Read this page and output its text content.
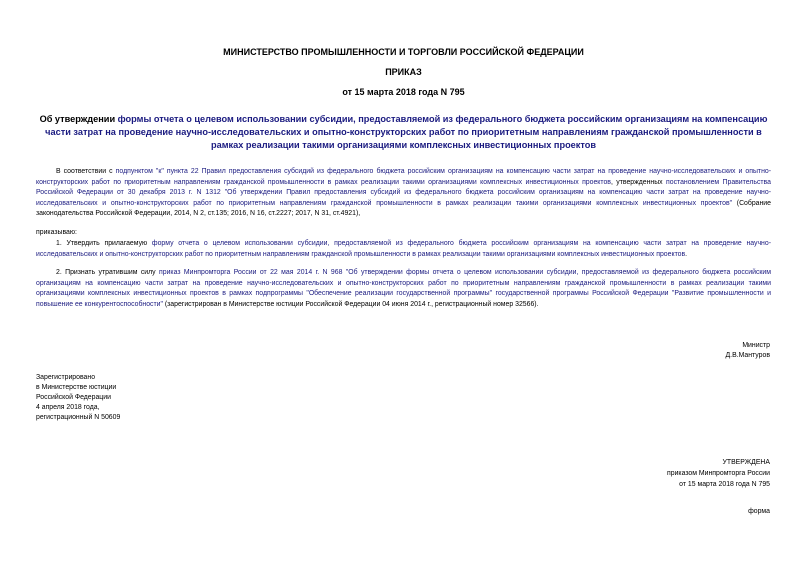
МИНИСТЕРСТВО ПРОМЫШЛЕННОСТИ И ТОРГОВЛИ РОССИЙСКОЙ ФЕДЕРАЦИИ
ПРИКАЗ
от 15 марта 2018 года N 795
Об утверждении формы отчета о целевом использовании субсидии, предоставляемой из федерального бюджета российским организациям на компенсацию части затрат на проведение научно-исследовательских и опытно-конструкторских работ по приоритетным направлениям гражданской промышленности в рамках реализации такими организациями комплексных инвестиционных проектов
В соответствии с подпунктом "к" пункта 22 Правил предоставления субсидий из федерального бюджета российским организациям на компенсацию части затрат на проведение научно-исследовательских и опытно-конструкторских работ по приоритетным направлениям гражданской промышленности в рамках реализации такими организациями комплексных инвестиционных проектов, утвержденных постановлением Правительства Российской Федерации от 30 декабря 2013 г. N 1312 "Об утверждении Правил предоставления субсидий из федерального бюджета российским организациям на компенсацию части затрат на проведение научно-исследовательских и опытно-конструкторских работ по приоритетным направлениям гражданской промышленности в рамках реализации такими организациями комплексных инвестиционных проектов" (Собрание законодательства Российской Федерации, 2014, N 2, ст.135; 2016, N 16, ст.2227; 2017, N 31, ст.4921),
приказываю:
1. Утвердить прилагаемую форму отчета о целевом использовании субсидии, предоставляемой из федерального бюджета российским организациям на компенсацию части затрат на проведение научно-исследовательских и опытно-конструкторских работ по приоритетным направлениям гражданской промышленности в рамках реализации такими организациями комплексных инвестиционных проектов.
2. Признать утратившим силу приказ Минпромторга России от 22 мая 2014 г. N 968 "Об утверждении формы отчета о целевом использовании субсидии, предоставляемой из федерального бюджета российским организациям на компенсацию части затрат на проведение научно-исследовательских и опытно-конструкторских работ по приоритетным направлениям гражданской промышленности в рамках реализации такими организациями комплексных инвестиционных проектов в рамках подпрограммы "Обеспечение реализации государственной программы" государственной программы Российской Федерации "Развитие промышленности и повышение ее конкурентоспособности" (зарегистрирован в Министерстве юстиции Российской Федерации 04 июня 2014 г., регистрационный номер 32566).
Министр
Д.В.Мантуров
Зарегистрировано
в Министерстве юстиции
Российской Федерации
4 апреля 2018 года,
регистрационный N 50609
УТВЕРЖДЕНА
приказом Минпромторга России
от 15 марта 2018 года N 795
форма
